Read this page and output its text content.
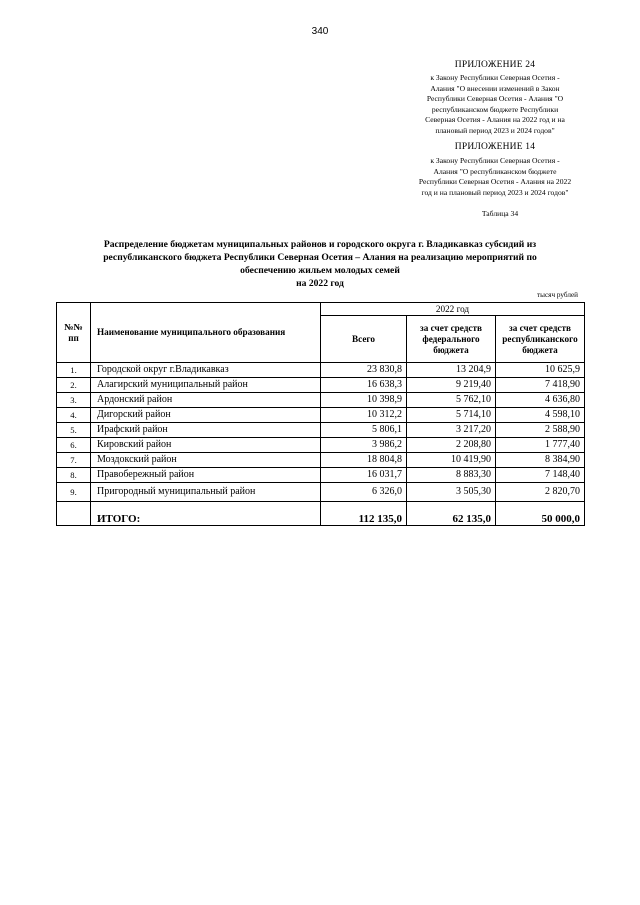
340
ПРИЛОЖЕНИЕ 24
к Закону Республики Северная Осетия -
Алания "О внесении изменений в Закон
Республики Северная Осетия - Алания "О
республиканском бюджете Республики
Северная Осетия - Алания на 2022 год и на
плановый период 2023 и 2024 годов"
ПРИЛОЖЕНИЕ 14
к Закону Республики Северная Осетия -
Алания "О республиканском бюджете
Республики Северная Осетия - Алания на 2022
год и на плановый период 2023 и 2024 годов"
Таблица 34
Распределение бюджетам муниципальных районов и городского округа г. Владикавказ субсидий из
республиканского бюджета Республики Северная Осетия – Алания на реализацию мероприятий по
обеспечению жильем молодых семей
на 2022 год
тысяч рублей
№№ пп	Наименование муниципального образования	2022 год		
		Всего	за счет средств федерального бюджета	за счет средств республиканского бюджета
1.	Городской округ г.Владикавказ	23 830,8	13 204,9	10 625,9
2.	Алагирский муниципальный район	16 638,3	9 219,40	7 418,90
3.	Ардонский район	10 398,9	5 762,10	4 636,80
4.	Дигорский район	10 312,2	5 714,10	4 598,10
5.	Ирафский район	5 806,1	3 217,20	2 588,90
6.	Кировский район	3 986,2	2 208,80	1 777,40
7.	Моздокский район	18 804,8	10 419,90	8 384,90
8.	Правобережный район	16 031,7	8 883,30	7 148,40
9.	Пригородный муниципальный район	6 326,0	3 505,30	2 820,70
	ИТОГО:	112 135,0	62 135,0	50 000,0
